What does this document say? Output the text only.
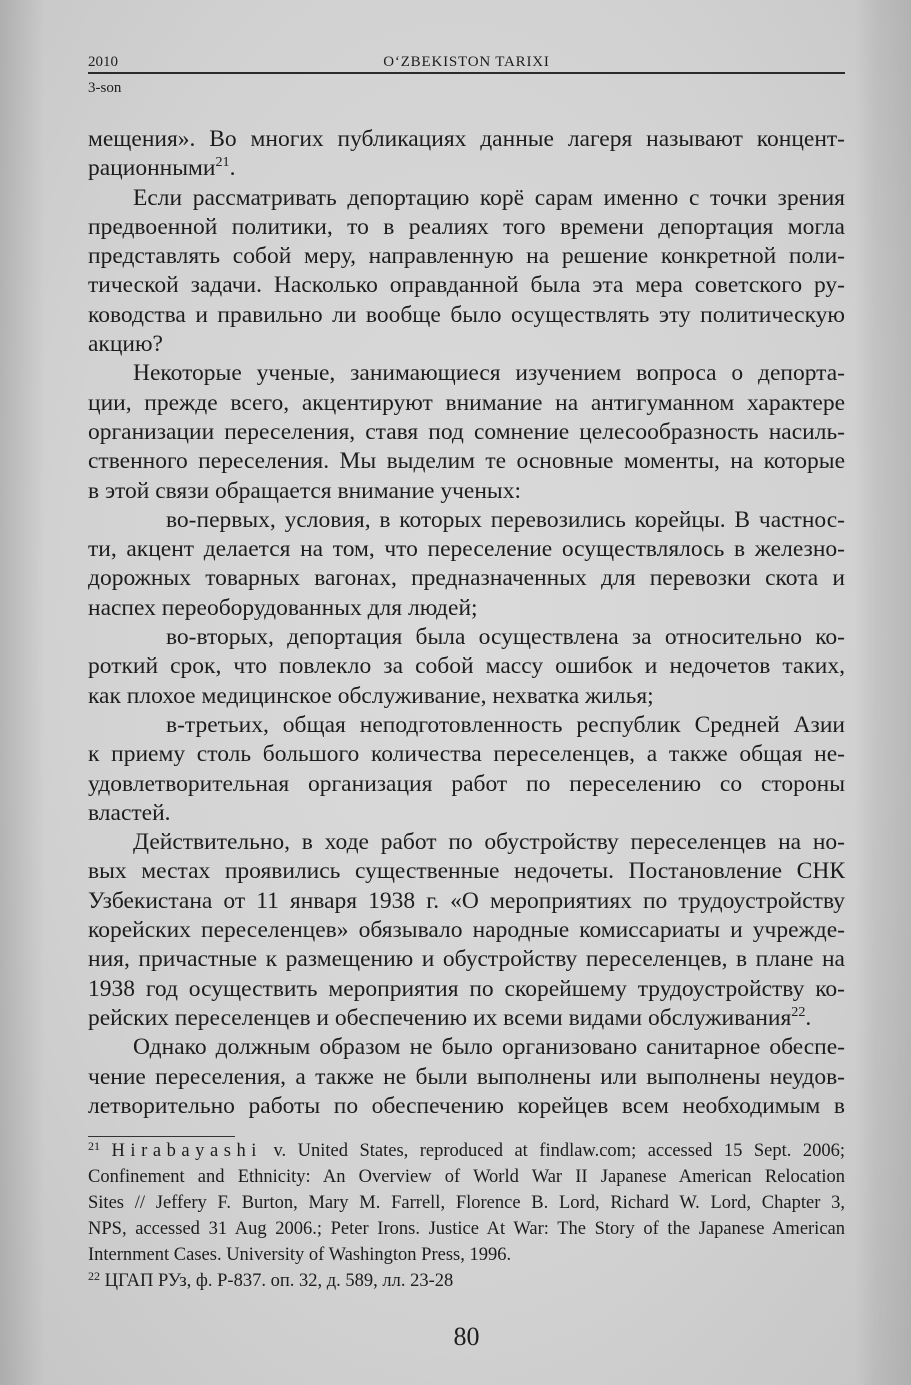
2010	O‘ZBEKISTON TARIXI
3-son
мещения». Во многих публикациях данные лагеря называют концент-
рационными$^{21}$.
Если рассматривать депортацию корё сарам именно с точки зрения
предвоенной политики, то в реалиях того времени депортация могла
представлять собой меру, направленную на решение конкретной поли-
тической задачи. Насколько оправданной была эта мера советского ру-
ководства и правильно ли вообще было осуществлять эту политическую
акцию?
Некоторые ученые, занимающиеся изучением вопроса о депорта-
ции, прежде всего, акцентируют внимание на антигуманном характере
организации переселения, ставя под сомнение целесообразность насиль-
ственного переселения. Мы выделим те основные моменты, на которые
в этой связи обращается внимание ученых:
во-первых, условия, в которых перевозились корейцы. В частнос-
ти, акцент делается на том, что переселение осуществлялось в железно-
дорожных товарных вагонах, предназначенных для перевозки скота и
наспех переоборудованных для людей;
во-вторых, депортация была осуществлена за относительно ко-
роткий срок, что повлекло за собой массу ошибок и недочетов таких,
как плохое медицинское обслуживание, нехватка жилья;
в-третьих, общая неподготовленность республик Средней Азии
к приему столь большого количества переселенцев, а также общая не-
удовлетворительная организация работ по переселению со стороны
властей.
Действительно, в ходе работ по обустройству переселенцев на но-
вых местах проявились существенные недочеты. Постановление СНК
Узбекистана от 11 января 1938 г. «О мероприятиях по трудоустройству
корейских переселенцев» обязывало народные комиссариаты и учрежде-
ния, причастные к размещению и обустройству переселенцев, в плане на
1938 год осуществить мероприятия по скорейшему трудоустройству ко-
рейских переселенцев и обеспечению их всеми видами обслуживания$^{22}$.
Однако должным образом не было организовано санитарное обеспе-
чение переселения, а также не были выполнены или выполнены неудов-
летворительно работы по обеспечению корейцев всем необходимым в
$^{21}$ Hirabayashi v. United States, reproduced at findlaw.com; accessed 15 Sept. 2006;
Confinement and Ethnicity: An Overview of World War II Japanese American Relocation
Sites // Jeffery F. Burton, Mary M. Farrell, Florence B. Lord, Richard W. Lord, Chapter 3,
NPS, accessed 31 Aug 2006.; Peter Irons. Justice At War: The Story of the Japanese American
Internment Cases. University of Washington Press, 1996.
$^{22}$ ЦГАП РУз, ф. Р-837. оп. 32, д. 589, лл. 23-28
80
